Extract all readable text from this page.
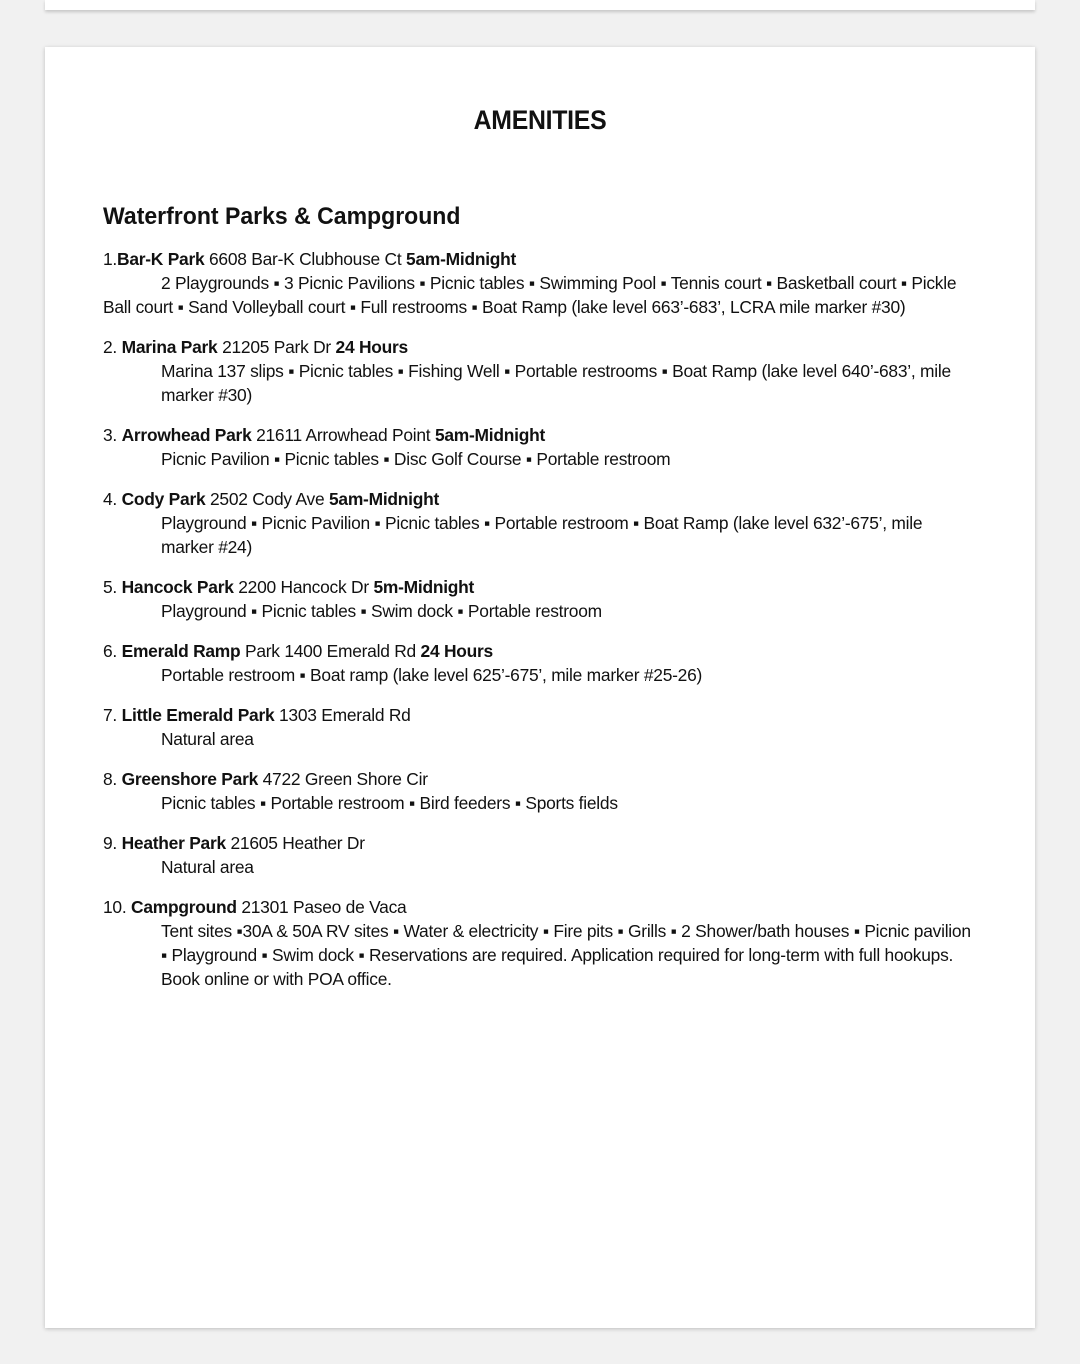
AMENITIES
Waterfront Parks & Campground
1.Bar-K Park 6608 Bar-K Clubhouse Ct 5am-Midnight
2 Playgrounds ▪ 3 Picnic Pavilions ▪ Picnic tables ▪ Swimming Pool ▪ Tennis court ▪ Basketball court ▪ Pickle Ball court ▪ Sand Volleyball court ▪ Full restrooms ▪ Boat Ramp (lake level 663’-683’, LCRA mile marker #30)
2. Marina Park 21205 Park Dr 24 Hours
Marina 137 slips ▪ Picnic tables ▪ Fishing Well ▪ Portable restrooms ▪ Boat Ramp (lake level 640’-683’, mile marker #30)
3. Arrowhead Park 21611 Arrowhead Point 5am-Midnight
Picnic Pavilion ▪ Picnic tables ▪ Disc Golf Course ▪ Portable restroom
4. Cody Park 2502 Cody Ave 5am-Midnight
Playground ▪ Picnic Pavilion ▪ Picnic tables ▪ Portable restroom ▪ Boat Ramp (lake level 632’-675’, mile marker #24)
5. Hancock Park 2200 Hancock Dr 5m-Midnight
Playground ▪ Picnic tables ▪ Swim dock ▪ Portable restroom
6. Emerald Ramp Park 1400 Emerald Rd 24 Hours
Portable restroom ▪ Boat ramp (lake level 625’-675’, mile marker #25-26)
7. Little Emerald Park 1303 Emerald Rd
Natural area
8. Greenshore Park 4722 Green Shore Cir
Picnic tables ▪ Portable restroom ▪ Bird feeders ▪ Sports fields
9. Heather Park 21605 Heather Dr
Natural area
10. Campground 21301 Paseo de Vaca
Tent sites ▪30A & 50A RV sites ▪ Water & electricity ▪ Fire pits ▪ Grills ▪ 2 Shower/bath houses ▪ Picnic pavilion ▪ Playground ▪ Swim dock ▪ Reservations are required. Application required for long-term with full hookups. Book online or with POA office.
